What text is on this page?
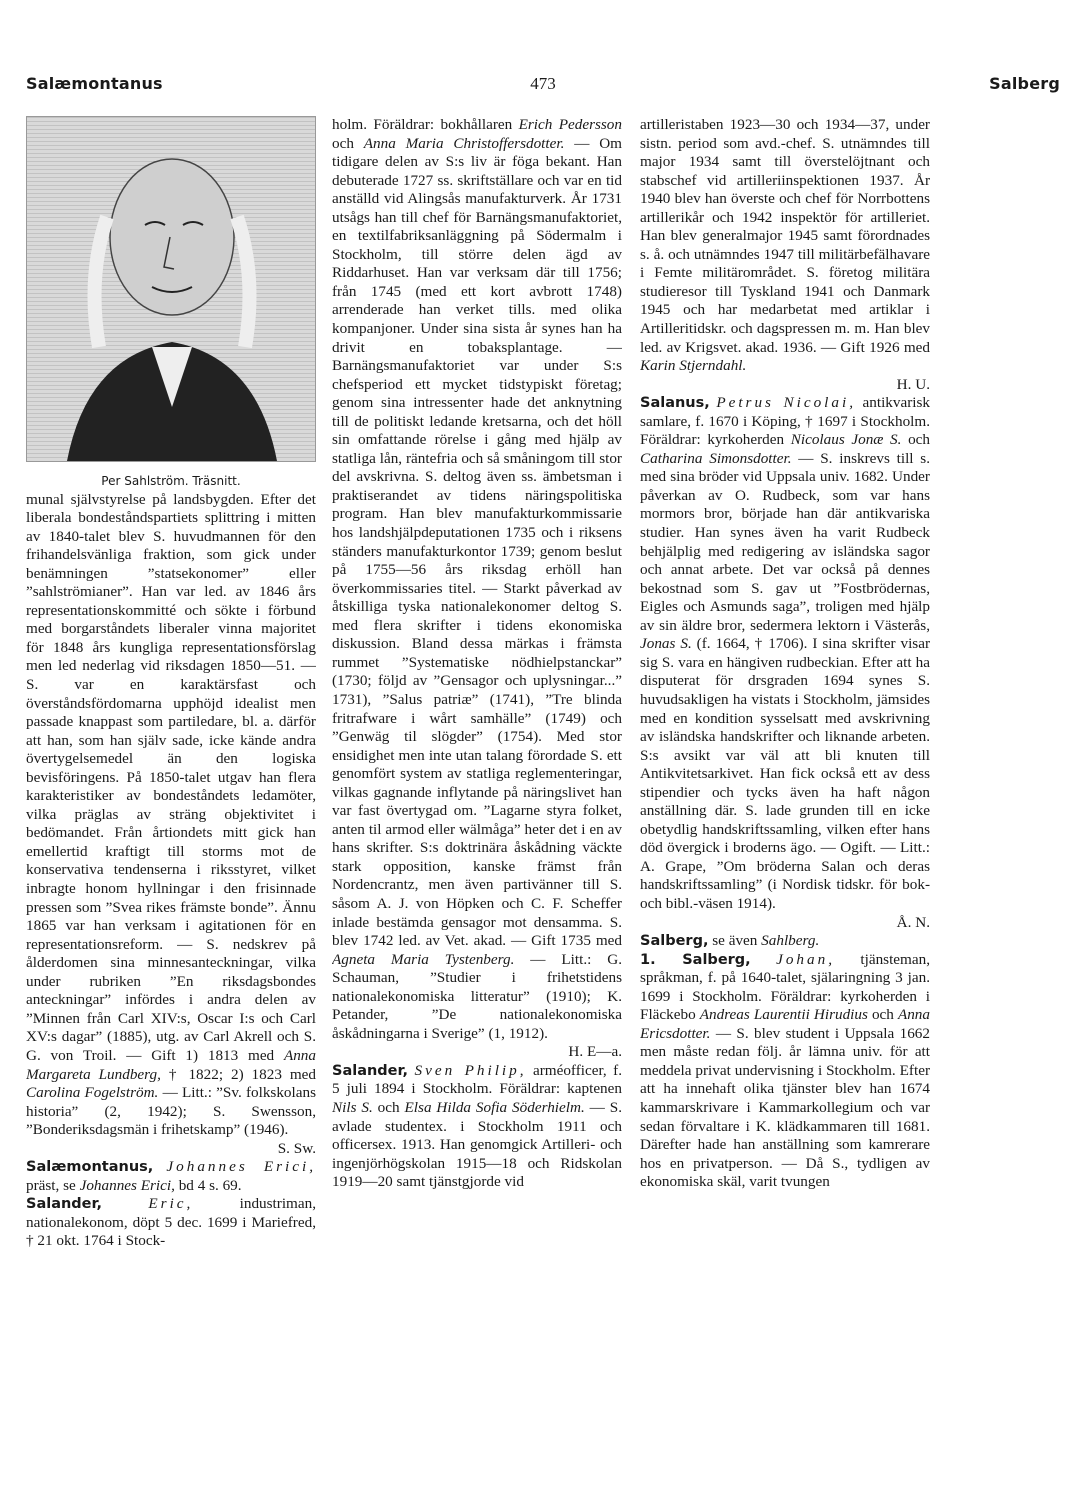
Salæmontanus	473	Salberg

Per Sahlström. Träsnitt.

munal självstyrelse på landsbygden. Efter det liberala bondeståndspartiets splittring i mitten av 1840-talet blev S. huvudmannen för den frihandelsvänliga fraktion, som gick under benämningen ”statsekonomer” eller ”sahlströmianer”. Han var led. av 1846 års representationskommitté och sökte i förbund med borgarståndets liberaler vinna majoritet för 1848 års kungliga representationsförslag men led nederlag vid riksdagen 1850—51. — S. var en karaktärsfast och överståndsfördomarna upphöjd idealist men passade knappast som partiledare, bl. a. därför att han, som han själv sade, icke kände andra övertygelsemedel än den logiska bevisföringens. På 1850-talet utgav han flera karakteristiker av bondeståndets ledamöter, vilka präglas av sträng objektivitet i bedömandet. Från årtiondets mitt gick han emellertid kraftigt till storms mot de konservativa tendenserna i riksstyret, vilket inbragte honom hyllningar i den frisinnade pressen som ”Svea rikes främste bonde”. Ännu 1865 var han verksam i agitationen för en representationsreform. — S. nedskrev på ålderdomen sina minnesanteckningar, vilka under rubriken ”En riksdagsbondes anteckningar” infördes i andra delen av ”Minnen från Carl XIV:s, Oscar I:s och Carl XV:s dagar” (1885), utg. av Carl Akrell och S. G. von Troil. — Gift 1) 1813 med Anna Margareta Lundberg, † 1822; 2) 1823 med Carolina Fogelström. — Litt.: ”Sv. folkskolans historia” (2, 1942); S. Swensson, ”Bonderiksdagsmän i frihetskamp” (1946).

S. Sw.

Salæmontanus, Johannes Erici, präst, se Johannes Erici, bd 4 s. 69.

Salander,	Eric, industriman, nationalekonom, döpt 5 dec. 1699 i Mariefred, † 21 okt. 1764 i Stock-

holm. Föräldrar: bokhållaren Erich Pedersson och Anna Maria Christoffersdotter. — Om tidigare delen av S:s liv är föga bekant. Han debuterade 1727 ss. skriftställare och var en tid anställd vid Alingsås manufakturverk. År 1731 utsågs han till chef för Barnängsmanufaktoriet, en textilfabriksanläggning på Södermalm i Stockholm, till större delen ägd av Riddarhuset. Han var verksam där till 1756; från 1745 (med ett kort avbrott 1748) arrenderade han verket tills. med olika kompanjoner. Under sina sista år synes han ha drivit en tobaksplantage. — Barnängsmanufaktoriet var under S:s chefsperiod ett mycket tidstypiskt företag; genom sina intressenter hade det anknytning till de politiskt ledande kretsarna, och det höll sin omfattande rörelse i gång med hjälp av statliga lån, räntefria och så småningom till stor del avskrivna. S. deltog även ss. ämbetsman i praktiserandet av tidens näringspolitiska program. Han blev manufakturkommissarie hos landshjälpdeputationen 1735 och i riksens ständers manufakturkontor 1739; genom beslut på 1755—56 års riksdag erhöll han överkommissaries titel. — Starkt påverkad av åtskilliga tyska nationalekonomer deltog S. med flera skrifter i tidens ekonomiska diskussion. Bland dessa märkas i främsta rummet ”Systematiske nödhielpstanckar” (1730; följd av ”Gensagor och uplysningar...” 1731), ”Salus patriæ” (1741), ”Tre blinda fritrafware i wårt samhälle” (1749) och ”Genwäg til slögder” (1754). Med stor ensidighet men inte utan talang förordade S. ett genomfört system av statliga reglementeringar, vilkas gagnande inflytande på näringslivet han var fast övertygad om. ”Lagarne styra folket, anten til armod eller wälmåga” heter det i en av hans skrifter. S:s doktrinära åskådning väckte stark opposition, kanske främst från Nordencrantz, men även partivänner till S. såsom A. J. von Höpken och C. F. Scheffer inlade bestämda gensagor mot densamma. S. blev 1742 led. av Vet. akad. — Gift 1735 med Agneta Maria Tystenberg. — Litt.: G. Schauman, ”Studier i frihetstidens nationalekonomiska litteratur” (1910); K. Petander, ”De nationalekonomiska åskådningarna i Sverige” (1, 1912).

H. E—a.

Salander, Sven Philip, arméofficer, f. 5 juli 1894 i Stockholm. Föräldrar: kaptenen Nils S. och Elsa Hilda Sofia Söderhielm. — S. avlade studentex. i Stockholm 1911 och officersex. 1913. Han genomgick Artilleri- och ingenjörhögskolan 1915—18 och Ridskolan 1919—20 samt tjänstgjorde vid

artilleristaben 1923—30 och 1934—37, under sistn. period som avd.-chef. S. utnämndes till major 1934 samt till överstelöjtnant och stabschef vid artilleriinspektionen 1937. År 1940 blev han överste och chef för Norrbottens artillerikår och 1942 inspektör för artilleriet. Han blev generalmajor 1945 samt förordnades s. å. och utnämndes 1947 till militärbefälhavare i Femte militärområdet. S. företog militära studieresor till Tyskland 1941 och Danmark 1945 och har medarbetat med artiklar i Artilleritidskr. och dagspressen m. m. Han blev led. av Krigsvet. akad. 1936. — Gift 1926 med Karin Stjerndahl.

H. U.

Salanus, Petrus Nicolai, antikvarisk samlare, f. 1670 i Köping, † 1697 i Stockholm. Föräldrar: kyrkoherden Nicolaus Jonæ S. och Catharina Simonsdotter. — S. inskrevs till s. med sina bröder vid Uppsala univ. 1682. Under påverkan av O. Rudbeck, som var hans mormors bror, började han där antikvariska studier. Han synes även ha varit Rudbeck behjälplig med redigering av isländska sagor och annat arbete. Det var också på dennes bekostnad som S. gav ut ”Fostbrödernas, Eigles och Asmunds saga”, troligen med hjälp av sin äldre bror, sedermera lektorn i Västerås, Jonas S. (f. 1664, † 1706). I sina skrifter visar sig S. vara en hängiven rudbeckian. Efter att ha disputerat för drsgraden 1694 synes S. huvudsakligen ha vistats i Stockholm, jämsides med en kondition sysselsatt med avskrivning av isländska handskrifter och liknande arbeten. S:s avsikt var väl att bli knuten till Antikvitetsarkivet. Han fick också ett av dess stipendier och tycks även ha haft någon anställning där. S. lade grunden till en icke obetydlig handskriftssamling, vilken efter hans död övergick i broderns ägo. — Ogift. — Litt.: A. Grape, ”Om bröderna Salan och deras handskriftssamling” (i Nordisk tidskr. för bok- och bibl.-väsen 1914).

Å. N.

Salberg, se även Sahlberg.

1. Salberg, Johan, tjänsteman, språkman, f. på 1640-talet, själaringning 3 jan. 1699 i Stockholm. Föräldrar: kyrkoherden i Fläckebo Andreas Laurentii Hirudius och Anna Ericsdotter. — S. blev student i Uppsala 1662 men måste redan följ. år lämna univ. för att meddela privat undervisning i Stockholm. Efter att ha innehaft olika tjänster blev han 1674 kammarskrivare i Kammarkollegium och var sedan förvaltare i K. klädkammaren till 1681. Därefter hade han anställning som kamrerare hos en privatperson. — Då S., tydligen av ekonomiska skäl, varit tvungen
